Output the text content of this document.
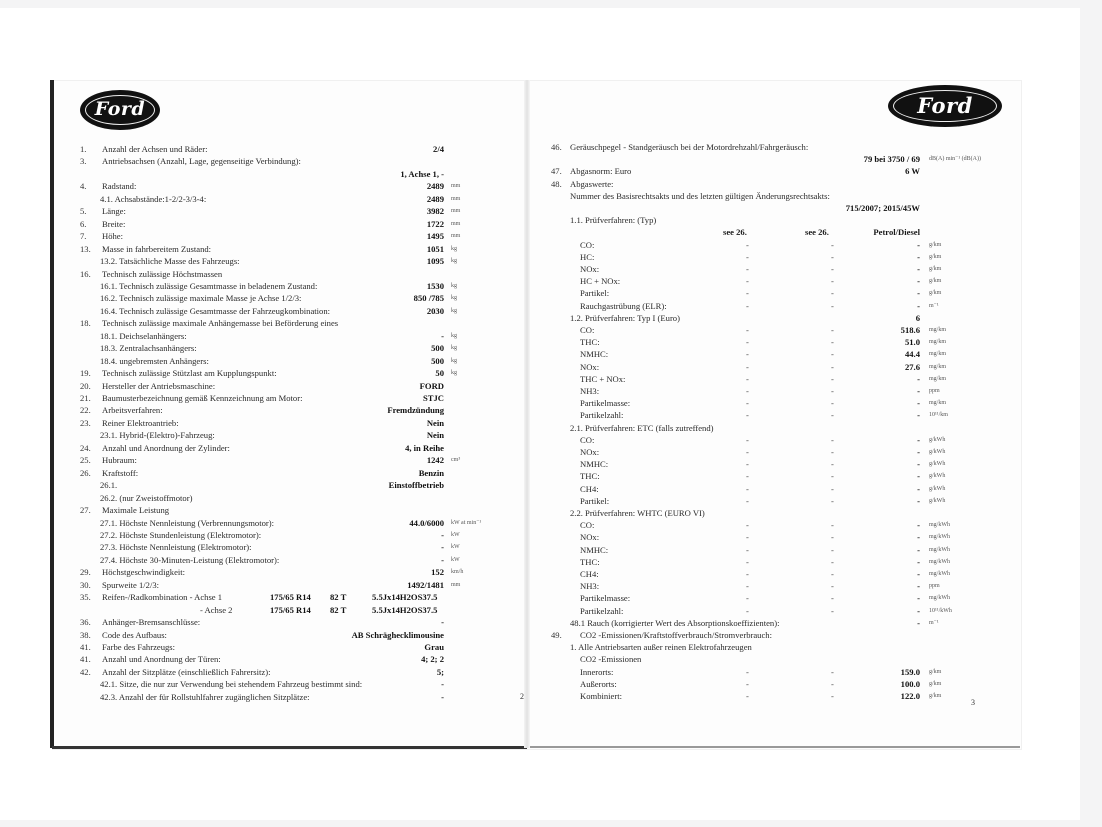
Ford	Ford
1. Anzahl der Achsen und Räder:	2/4
3. Antriebsachsen (Anzahl, Lage, gegenseitige Verbindung):
1, Achse 1, -
4. Radstand:	2489 mm
4.1. Achsabstände:1-2/2-3/3-4:	2489 mm
5. Länge:	3982 mm
6. Breite:	1722 mm
7. Höhe:	1495 mm
13. Masse in fahrbereitem Zustand:	1051 kg
13.2. Tatsächliche Masse des Fahrzeugs:	1095 kg
16. Technisch zulässige Höchstmassen
16.1. Technisch zulässige Gesamtmasse in beladenem Zustand:	1530 kg
16.2. Technisch zulässige maximale Masse je Achse 1/2/3:	850 /785 kg
16.4. Technisch zulässige Gesamtmasse der Fahrzeugkombination:	2030 kg
18. Technisch zulässige maximale Anhängemasse bei Beförderung eines
18.1. Deichselanhängers:	- kg
18.3. Zentralachsanhängers:	500 kg
18.4. ungebremsten Anhängers:	500 kg
19. Technisch zulässige Stützlast am Kupplungspunkt:	50 kg
20. Hersteller der Antriebsmaschine:	FORD
21. Baumusterbezeichnung gemäß Kennzeichnung am Motor:	STJC
22. Arbeitsverfahren:	Fremdzündung
23. Reiner Elektroantrieb:	Nein
23.1. Hybrid-(Elektro)-Fahrzeug:	Nein
24. Anzahl und Anordnung der Zylinder:	4, in Reihe
25. Hubraum:	1242 cm³
26. Kraftstoff:	Benzin
26.1.	Einstoffbetrieb
26.2. (nur Zweistoffmotor)
27. Maximale Leistung
27.1. Höchste Nennleistung (Verbrennungsmotor):	44.0/6000 kW at min⁻¹
27.2. Höchste Stundenleistung (Elektromotor):	- kW
27.3. Höchste Nennleistung (Elektromotor):	- kW
27.4. Höchste 30-Minuten-Leistung (Elektromotor):	- kW
29. Höchstgeschwindigkeit:	152 km/h
30. Spurweite 1/2/3:	1492/1481 mm
35. Reifen-/Radkombination - Achse 1	175/65 R14 82 T	5.5Jx14H2OS37.5
- Achse 2	175/65 R14 82 T	5.5Jx14H2OS37.5
36. Anhänger-Bremsanschlüsse:	-
38. Code des Aufbaus:	AB Schräghecklimousine
41. Farbe des Fahrzeugs:	Grau
41. Anzahl und Anordnung der Türen:	4; 2; 2
42. Anzahl der Sitzplätze (einschließlich Fahrersitz):	5;
42.1. Sitze, die nur zur Verwendung bei stehendem Fahrzeug bestimmt sind:	-
42.3. Anzahl der für Rollstuhlfahrer zugänglichen Sitzplätze:	-
46. Geräuschpegel - Standgeräusch bei der Motordrehzahl/Fahrgeräusch:
79 bei 3750 / 69 dB(A) min⁻¹ (dB(A))
47. Abgasnorm: Euro	6 W
48. Abgaswerte:
Nummer des Basisrechtsakts und des letzten gültigen Änderungsrechtsakts:
715/2007; 2015/45W
1.1. Prüfverfahren: (Typ)
see 26.	see 26.	Petrol/Diesel
CO:	-	-	- g/km
HC:	-	-	- g/km
NOx:	-	-	- g/km
HC + NOx:	-	-	- g/km
Partikel:	-	-	- g/km
Rauchgastrübung (ELR):	-	-	- m⁻¹
1.2. Prüfverfahren: Typ I (Euro)	6
CO:	-	-	518.6 mg/km
THC:	-	-	51.0 mg/km
NMHC:	-	-	44.4 mg/km
NOx:	-	-	27.6 mg/km
THC + NOx:	-	-	- mg/km
NH3:	-	-	- ppm
Partikelmasse:	-	-	- mg/km
Partikelzahl:	-	-	- 10¹¹/km
2.1. Prüfverfahren: ETC (falls zutreffend)
CO:	-	-	- g/kWh
NOx:	-	-	- g/kWh
NMHC:	-	-	- g/kWh
THC:	-	-	- g/kWh
CH4:	-	-	- g/kWh
Partikel:	-	-	- g/kWh
2.2. Prüfverfahren: WHTC (EURO VI)
CO:	-	-	- mg/kWh
NOx:	-	-	- mg/kWh
NMHC:	-	-	- mg/kWh
THC:	-	-	- mg/kWh
CH4:	-	-	- mg/kWh
NH3:	-	-	- ppm
Partikelmasse:	-	-	- mg/kWh
Partikelzahl:	-	-	- 10¹¹/kWh
48.1 Rauch (korrigierter Wert des Absorptionskoeffizienten):	- m⁻¹
49. CO2 -Emissionen/Kraftstoffverbrauch/Stromverbrauch:
1. Alle Antriebsarten außer reinen Elektrofahrzeugen
CO2 -Emissionen
Innerorts:	-	-	159.0 g/km
Außerorts:	-	-	100.0 g/km
Kombiniert:	-	-	122.0 g/km
2
3
